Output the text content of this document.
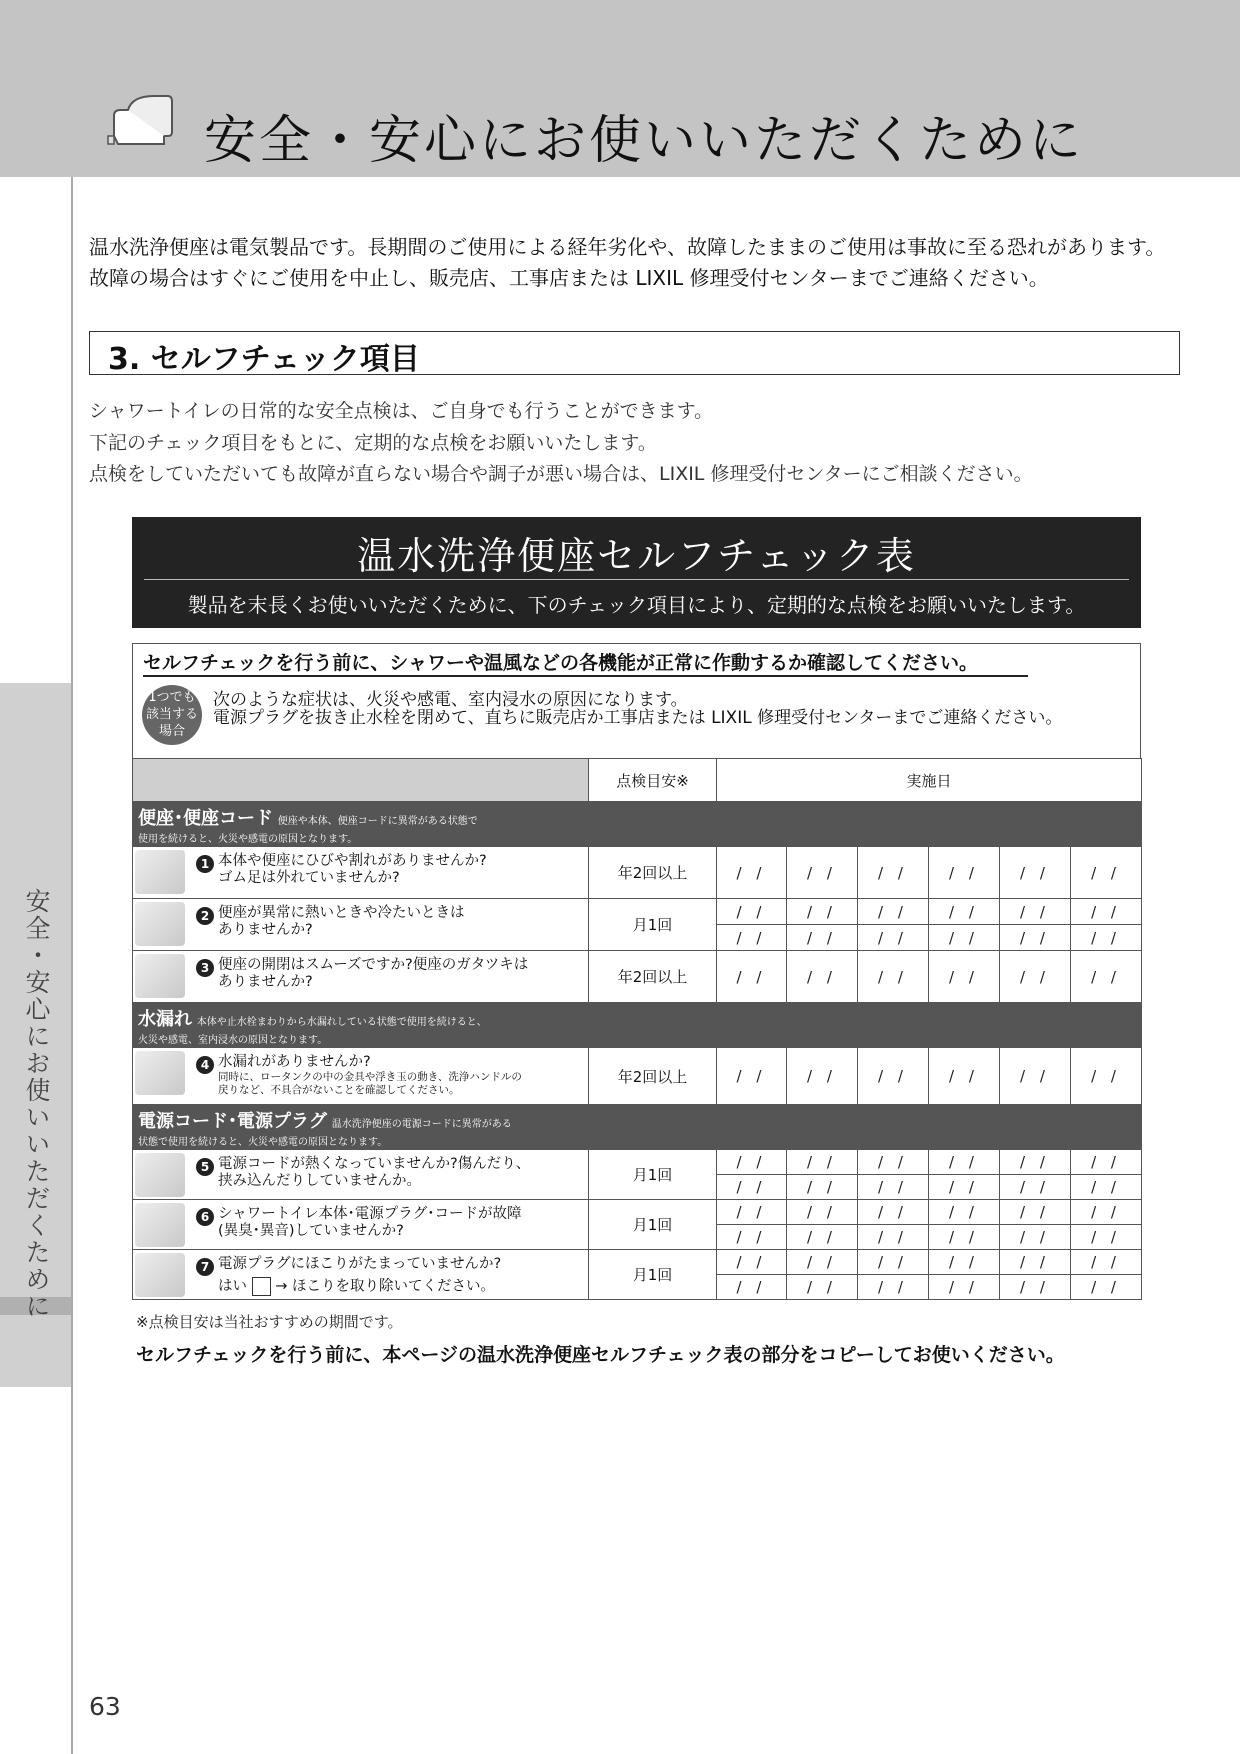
安全・安心にお使いいただくために
安全・安心にお使いいただくために
温水洗浄便座は電気製品です。長期間のご使用による経年劣化や、故障したままのご使用は事故に至る恐れがあります。
故障の場合はすぐにご使用を中止し、販売店、工事店または LIXIL 修理受付センターまでご連絡ください。
3. セルフチェック項目
シャワートイレの日常的な安全点検は、ご自身でも行うことができます。
下記のチェック項目をもとに、定期的な点検をお願いいたします。
点検をしていただいても故障が直らない場合や調子が悪い場合は、LIXIL 修理受付センターにご相談ください。
温水洗浄便座セルフチェック表
製品を末長くお使いいただくために、下のチェック項目により、定期的な点検をお願いいたします。
セルフチェックを行う前に、シャワーや温風などの各機能が正常に作動するか確認してください。
1つでも
該当する
場合
次のような症状は、火災や感電、室内浸水の原因になります。
電源プラグを抜き止水栓を閉めて、直ちに販売店か工事店または LIXIL 修理受付センターまでご連絡ください。
	点検目安※	実施日					
便座･便座コード 便座や本体、便座コードに異常がある状態で
使用を続けると、火災や感電の原因となります。							

1 本体や便座にひびや割れがありませんか?
ゴム足は外れていませんか?	年2回以上	/ /	/ /	/ /	/ /	/ /	/ /

2 便座が異常に熱いときや冷たいときは
ありませんか?	月1回	/ /	/ /	/ /	/ /	/ /	/ /
		/ /	/ /	/ /	/ /	/ /	/ /

3 便座の開閉はスムーズですか?便座のガタツキは
ありませんか?	年2回以上	/ /	/ /	/ /	/ /	/ /	/ /
水漏れ 本体や止水栓まわりから水漏れしている状態で使用を続けると、
火災や感電、室内浸水の原因となります。							

4 水漏れがありませんか?
同時に、ロータンクの中の金具や浮き玉の動き、洗浄ハンドルの
戻りなど、不具合がないことを確認してください。	年2回以上	/ /	/ /	/ /	/ /	/ /	/ /
電源コード･電源プラグ 温水洗浄便座の電源コードに異常がある
状態で使用を続けると、火災や感電の原因となります。							

5 電源コードが熱くなっていませんか?傷んだり、
挟み込んだりしていませんか。	月1回	/ /	/ /	/ /	/ /	/ /	/ /
		/ /	/ /	/ /	/ /	/ /	/ /

6 シャワートイレ本体･電源プラグ･コードが故障
(異臭･異音)していませんか?	月1回	/ /	/ /	/ /	/ /	/ /	/ /
		/ /	/ /	/ /	/ /	/ /	/ /

7 電源プラグにほこりがたまっていませんか?
はい → ほこりを取り除いてください。	月1回	/ /	/ /	/ /	/ /	/ /	/ /
		/ /	/ /	/ /	/ /	/ /	/ /
※点検目安は当社おすすめの期間です。
セルフチェックを行う前に、本ページの温水洗浄便座セルフチェック表の部分をコピーしてお使いください。
63
